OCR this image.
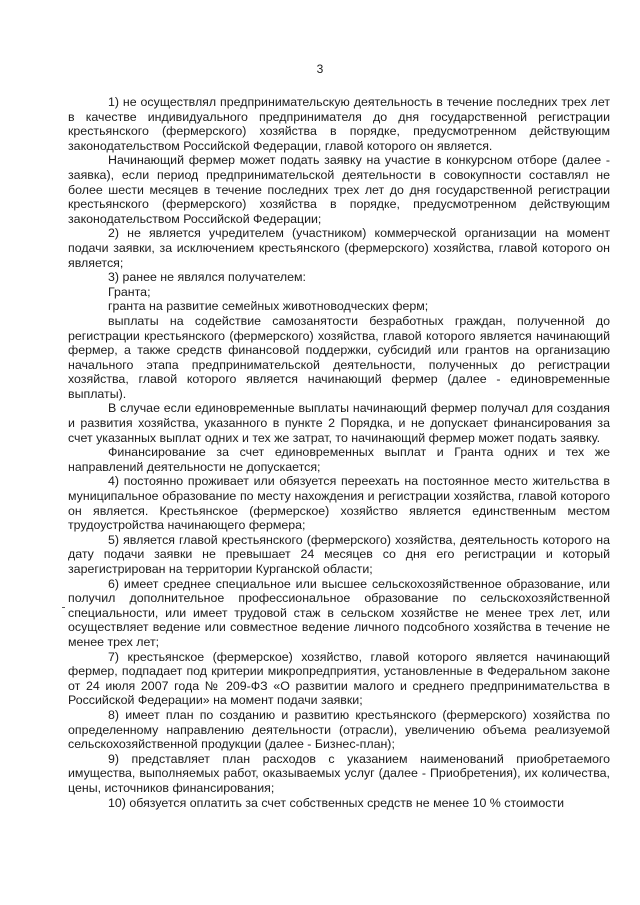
3

1) не осуществлял предпринимательскую деятельность в течение последних трех лет в качестве индивидуального предпринимателя до дня государственной регистрации крестьянского (фермерского) хозяйства в порядке, предусмотренном действующим законодательством Российской Федерации, главой которого он является.

Начинающий фермер может подать заявку на участие в конкурсном отборе (далее - заявка), если период предпринимательской деятельности в совокупности составлял не более шести месяцев в течение последних трех лет до дня государственной регистрации крестьянского (фермерского) хозяйства в порядке, предусмотренном действующим законодательством Российской Федерации;

2) не является учредителем (участником) коммерческой организации на момент подачи заявки, за исключением крестьянского (фермерского) хозяйства, главой которого он является;

3) ранее не являлся получателем:

Гранта;

гранта на развитие семейных животноводческих ферм;

выплаты на содействие самозанятости безработных граждан, полученной до регистрации крестьянского (фермерского) хозяйства, главой которого является начинающий фермер, а также средств финансовой поддержки, субсидий или грантов на организацию начального этапа предпринимательской деятельности, полученных до регистрации хозяйства, главой которого является начинающий фермер (далее - единовременные выплаты).

В случае если единовременные выплаты начинающий фермер получал для создания и развития хозяйства, указанного в пункте 2 Порядка, и не допускает финансирования за счет указанных выплат одних и тех же затрат, то начинающий фермер может подать заявку.

Финансирование за счет единовременных выплат и Гранта одних и тех же направлений деятельности не допускается;

4) постоянно проживает или обязуется переехать на постоянное место жительства в муниципальное образование по месту нахождения и регистрации хозяйства, главой которого он является. Крестьянское (фермерское) хозяйство является единственным местом трудоустройства начинающего фермера;

5) является главой крестьянского (фермерского) хозяйства, деятельность которого на дату подачи заявки не превышает 24 месяцев со дня его регистрации и который зарегистрирован на территории Курганской области;

6) имеет среднее специальное или высшее сельскохозяйственное образование, или получил дополнительное профессиональное образование по сельскохозяйственной специальности, или имеет трудовой стаж в сельском хозяйстве не менее трех лет, или осуществляет ведение или совместное ведение личного подсобного хозяйства в течение не менее трех лет;

7) крестьянское (фермерское) хозяйство, главой которого является начинающий фермер, подпадает под критерии микропредприятия, установленные в Федеральном законе от 24 июля 2007 года № 209-ФЗ «О развитии малого и среднего предпринимательства в Российской Федерации» на момент подачи заявки;

8) имеет план по созданию и развитию крестьянского (фермерского) хозяйства по определенному направлению деятельности (отрасли), увеличению объема реализуемой сельскохозяйственной продукции (далее - Бизнес-план);

9) представляет план расходов с указанием наименований приобретаемого имущества, выполняемых работ, оказываемых услуг (далее - Приобретения), их количества, цены, источников финансирования;

10) обязуется оплатить за счет собственных средств не менее 10 % стоимости
